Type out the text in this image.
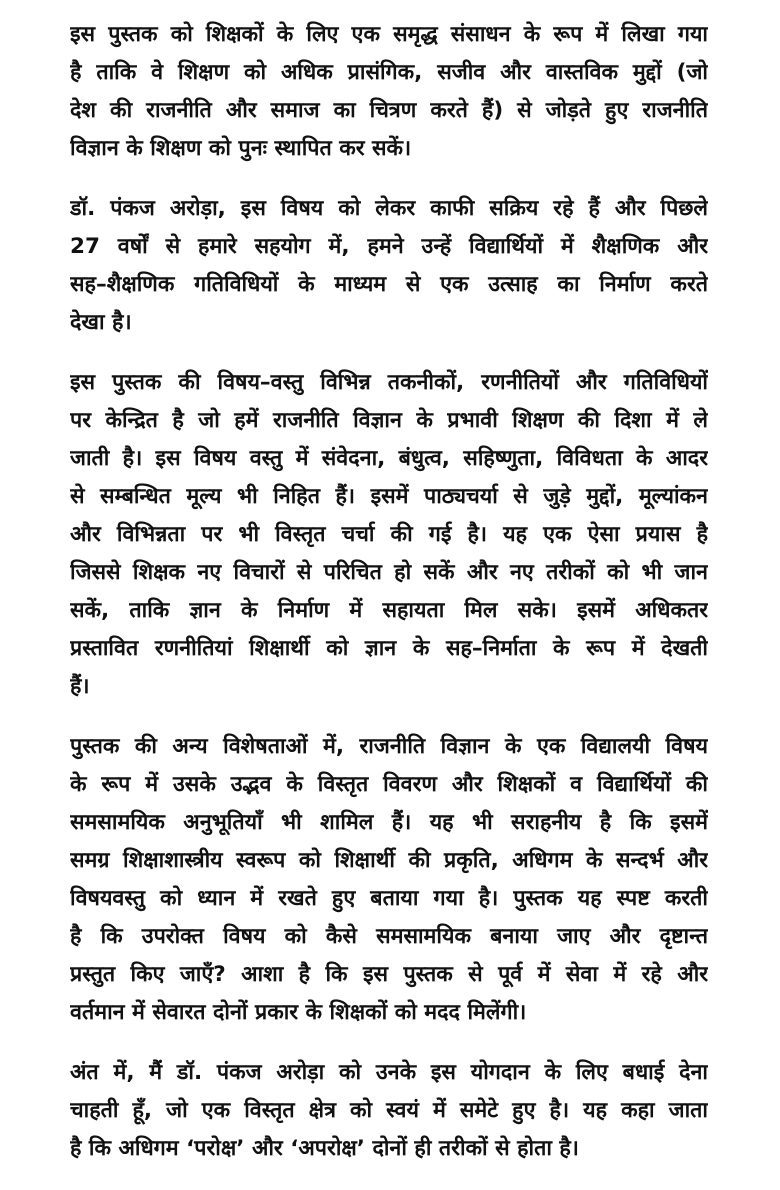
इस पुस्तक को शिक्षकों के लिए एक समृद्ध संसाधन के रूप में लिखा गया
है ताकि वे शिक्षण को अधिक प्रासंगिक, सजीव और वास्तविक मुद्दों (जो
देश की राजनीति और समाज का चित्रण करते हैं) से जोड़ते हुए राजनीति
विज्ञान के शिक्षण को पुनः स्थापित कर सकें।
डॉ. पंकज अरोड़ा, इस विषय को लेकर काफी सक्रिय रहे हैं और पिछले
27 वर्षों से हमारे सहयोग में, हमने उन्हें विद्यार्थियों में शैक्षणिक और
सह–शैक्षणिक गतिविधियों के माध्यम से एक उत्साह का निर्माण करते
देखा है।
इस पुस्तक की विषय–वस्तु विभिन्न तकनीकों, रणनीतियों और गतिविधियों
पर केन्द्रित है जो हमें राजनीति विज्ञान के प्रभावी शिक्षण की दिशा में ले
जाती है। इस विषय वस्तु में संवेदना, बंधुत्व, सहिष्णुता, विविधता के आदर
से सम्बन्धित मूल्य भी निहित हैं। इसमें पाठ्यचर्या से जुड़े मुद्दों, मूल्यांकन
और विभिन्नता पर भी विस्तृत चर्चा की गई है। यह एक ऐसा प्रयास है
जिससे शिक्षक नए विचारों से परिचित हो सकें और नए तरीकों को भी जान
सकें, ताकि ज्ञान के निर्माण में सहायता मिल सके। इसमें अधिकतर
प्रस्तावित रणनीतियां शिक्षार्थी को ज्ञान के सह–निर्माता के रूप में देखती
हैं।
पुस्तक की अन्य विशेषताओं में, राजनीति विज्ञान के एक विद्यालयी विषय
के रूप में उसके उद्भव के विस्तृत विवरण और शिक्षकों व विद्यार्थियों की
समसामयिक अनुभूतियाँ भी शामिल हैं। यह भी सराहनीय है कि इसमें
समग्र शिक्षाशास्त्रीय स्वरूप को शिक्षार्थी की प्रकृति, अधिगम के सन्दर्भ और
विषयवस्तु को ध्यान में रखते हुए बताया गया है। पुस्तक यह स्पष्ट करती
है कि उपरोक्त विषय को कैसे समसामयिक बनाया जाए और दृष्टान्त
प्रस्तुत किए जाएँ? आशा है कि इस पुस्तक से पूर्व में सेवा में रहे और
वर्तमान में सेवारत दोनों प्रकार के शिक्षकों को मदद मिलेंगी।
अंत में, मैं डॉ. पंकज अरोड़ा को उनके इस योगदान के लिए बधाई देना
चाहती हूँ, जो एक विस्तृत क्षेत्र को स्वयं में समेटे हुए है। यह कहा जाता
है कि अधिगम ‘परोक्ष’ और ‘अपरोक्ष’ दोनों ही तरीकों से होता है।
